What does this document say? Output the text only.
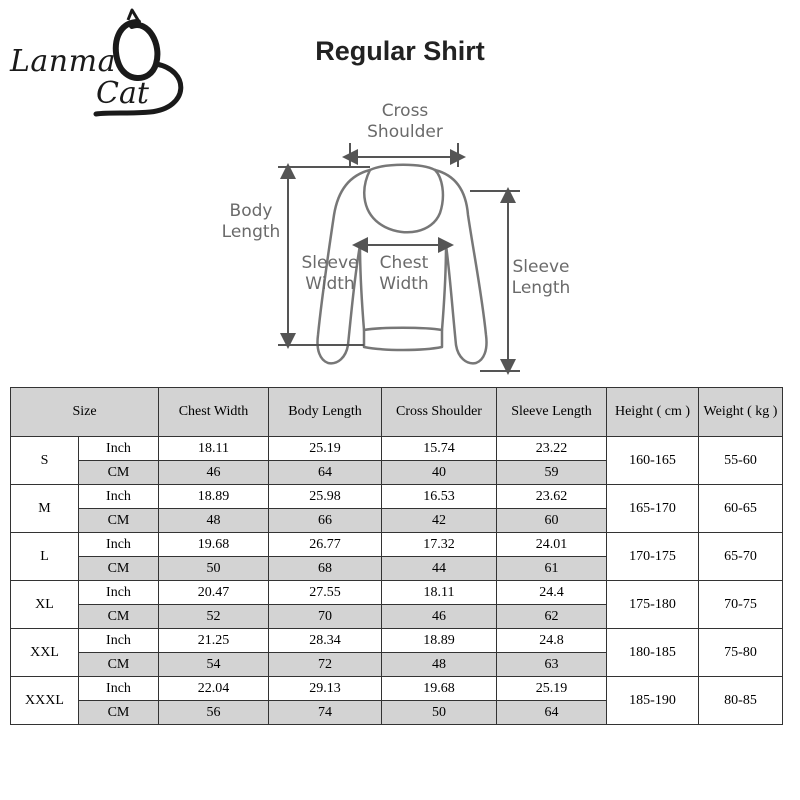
Lanma
Cat
Regular Shirt
Cross
Shoulder
Body
Length
Sleeve
Width
Chest
Width
Sleeve
Length
Size		Chest Width	Body Length	Cross Shoulder	Sleeve Length	Height ( cm )	Weight ( kg )
S	Inch	18.11	25.19	15.74	23.22	160-165	55-60
	CM	46	64	40	59		
M	Inch	18.89	25.98	16.53	23.62	165-170	60-65
	CM	48	66	42	60		
L	Inch	19.68	26.77	17.32	24.01	170-175	65-70
	CM	50	68	44	61		
XL	Inch	20.47	27.55	18.11	24.4	175-180	70-75
	CM	52	70	46	62		
XXL	Inch	21.25	28.34	18.89	24.8	180-185	75-80
	CM	54	72	48	63		
XXXL	Inch	22.04	29.13	19.68	25.19	185-190	80-85
	CM	56	74	50	64		
